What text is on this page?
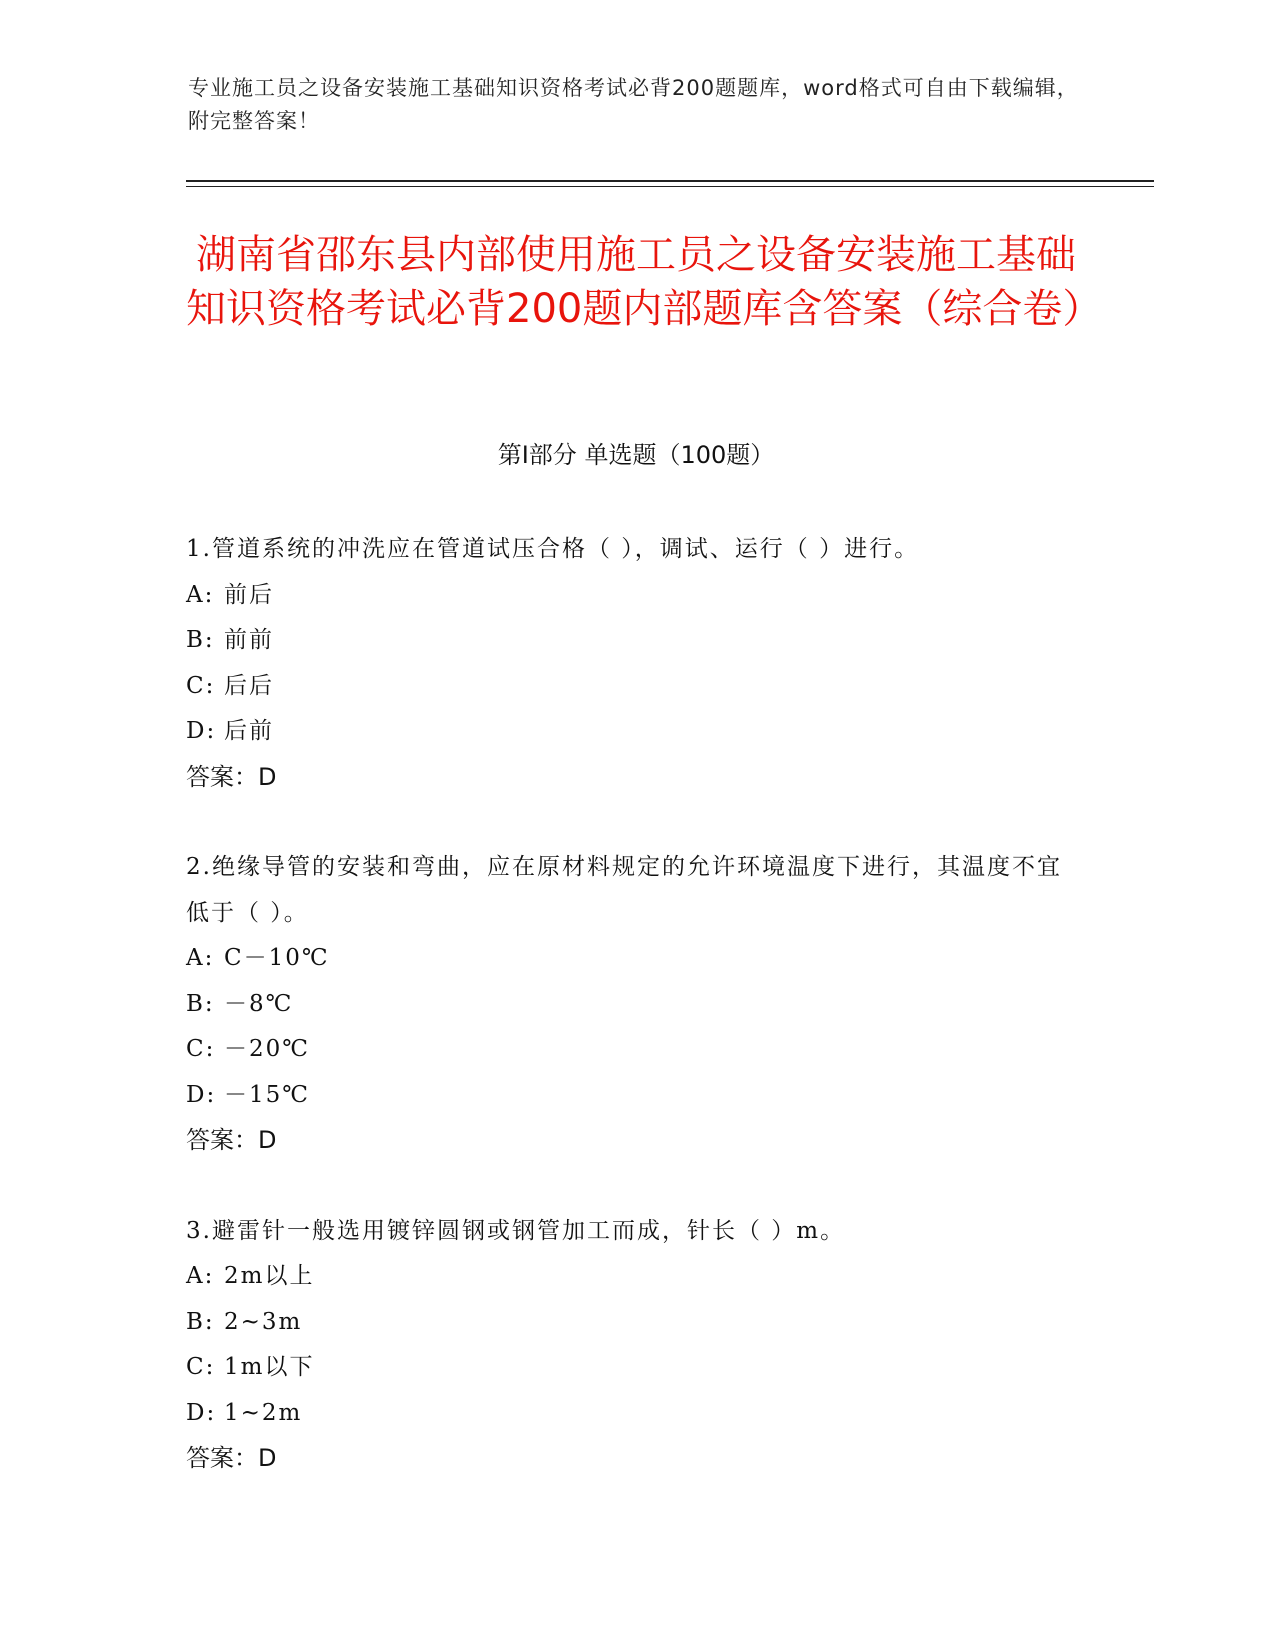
专业施工员之设备安装施工基础知识资格考试必背200题题库，word格式可自由下载编辑，附完整答案！
湖南省邵东县内部使用施工员之设备安装施工基础知识资格考试必背200题内部题库含答案（综合卷）
第Ⅰ部分 单选题（100题）
1.管道系统的冲洗应在管道试压合格（ ），调试、运行（ ）进行。
A: 前后
B: 前前
C: 后后
D: 后前
答案：D
2.绝缘导管的安装和弯曲，应在原材料规定的允许环境温度下进行，其温度不宜低于（ ）。
A: C－10℃
B: －8℃
C: －20℃
D: －15℃
答案：D
3.避雷针一般选用镀锌圆钢或钢管加工而成，针长（ ）m。
A: 2m以上
B: 2~3m
C: 1m以下
D: 1~2m
答案：D
